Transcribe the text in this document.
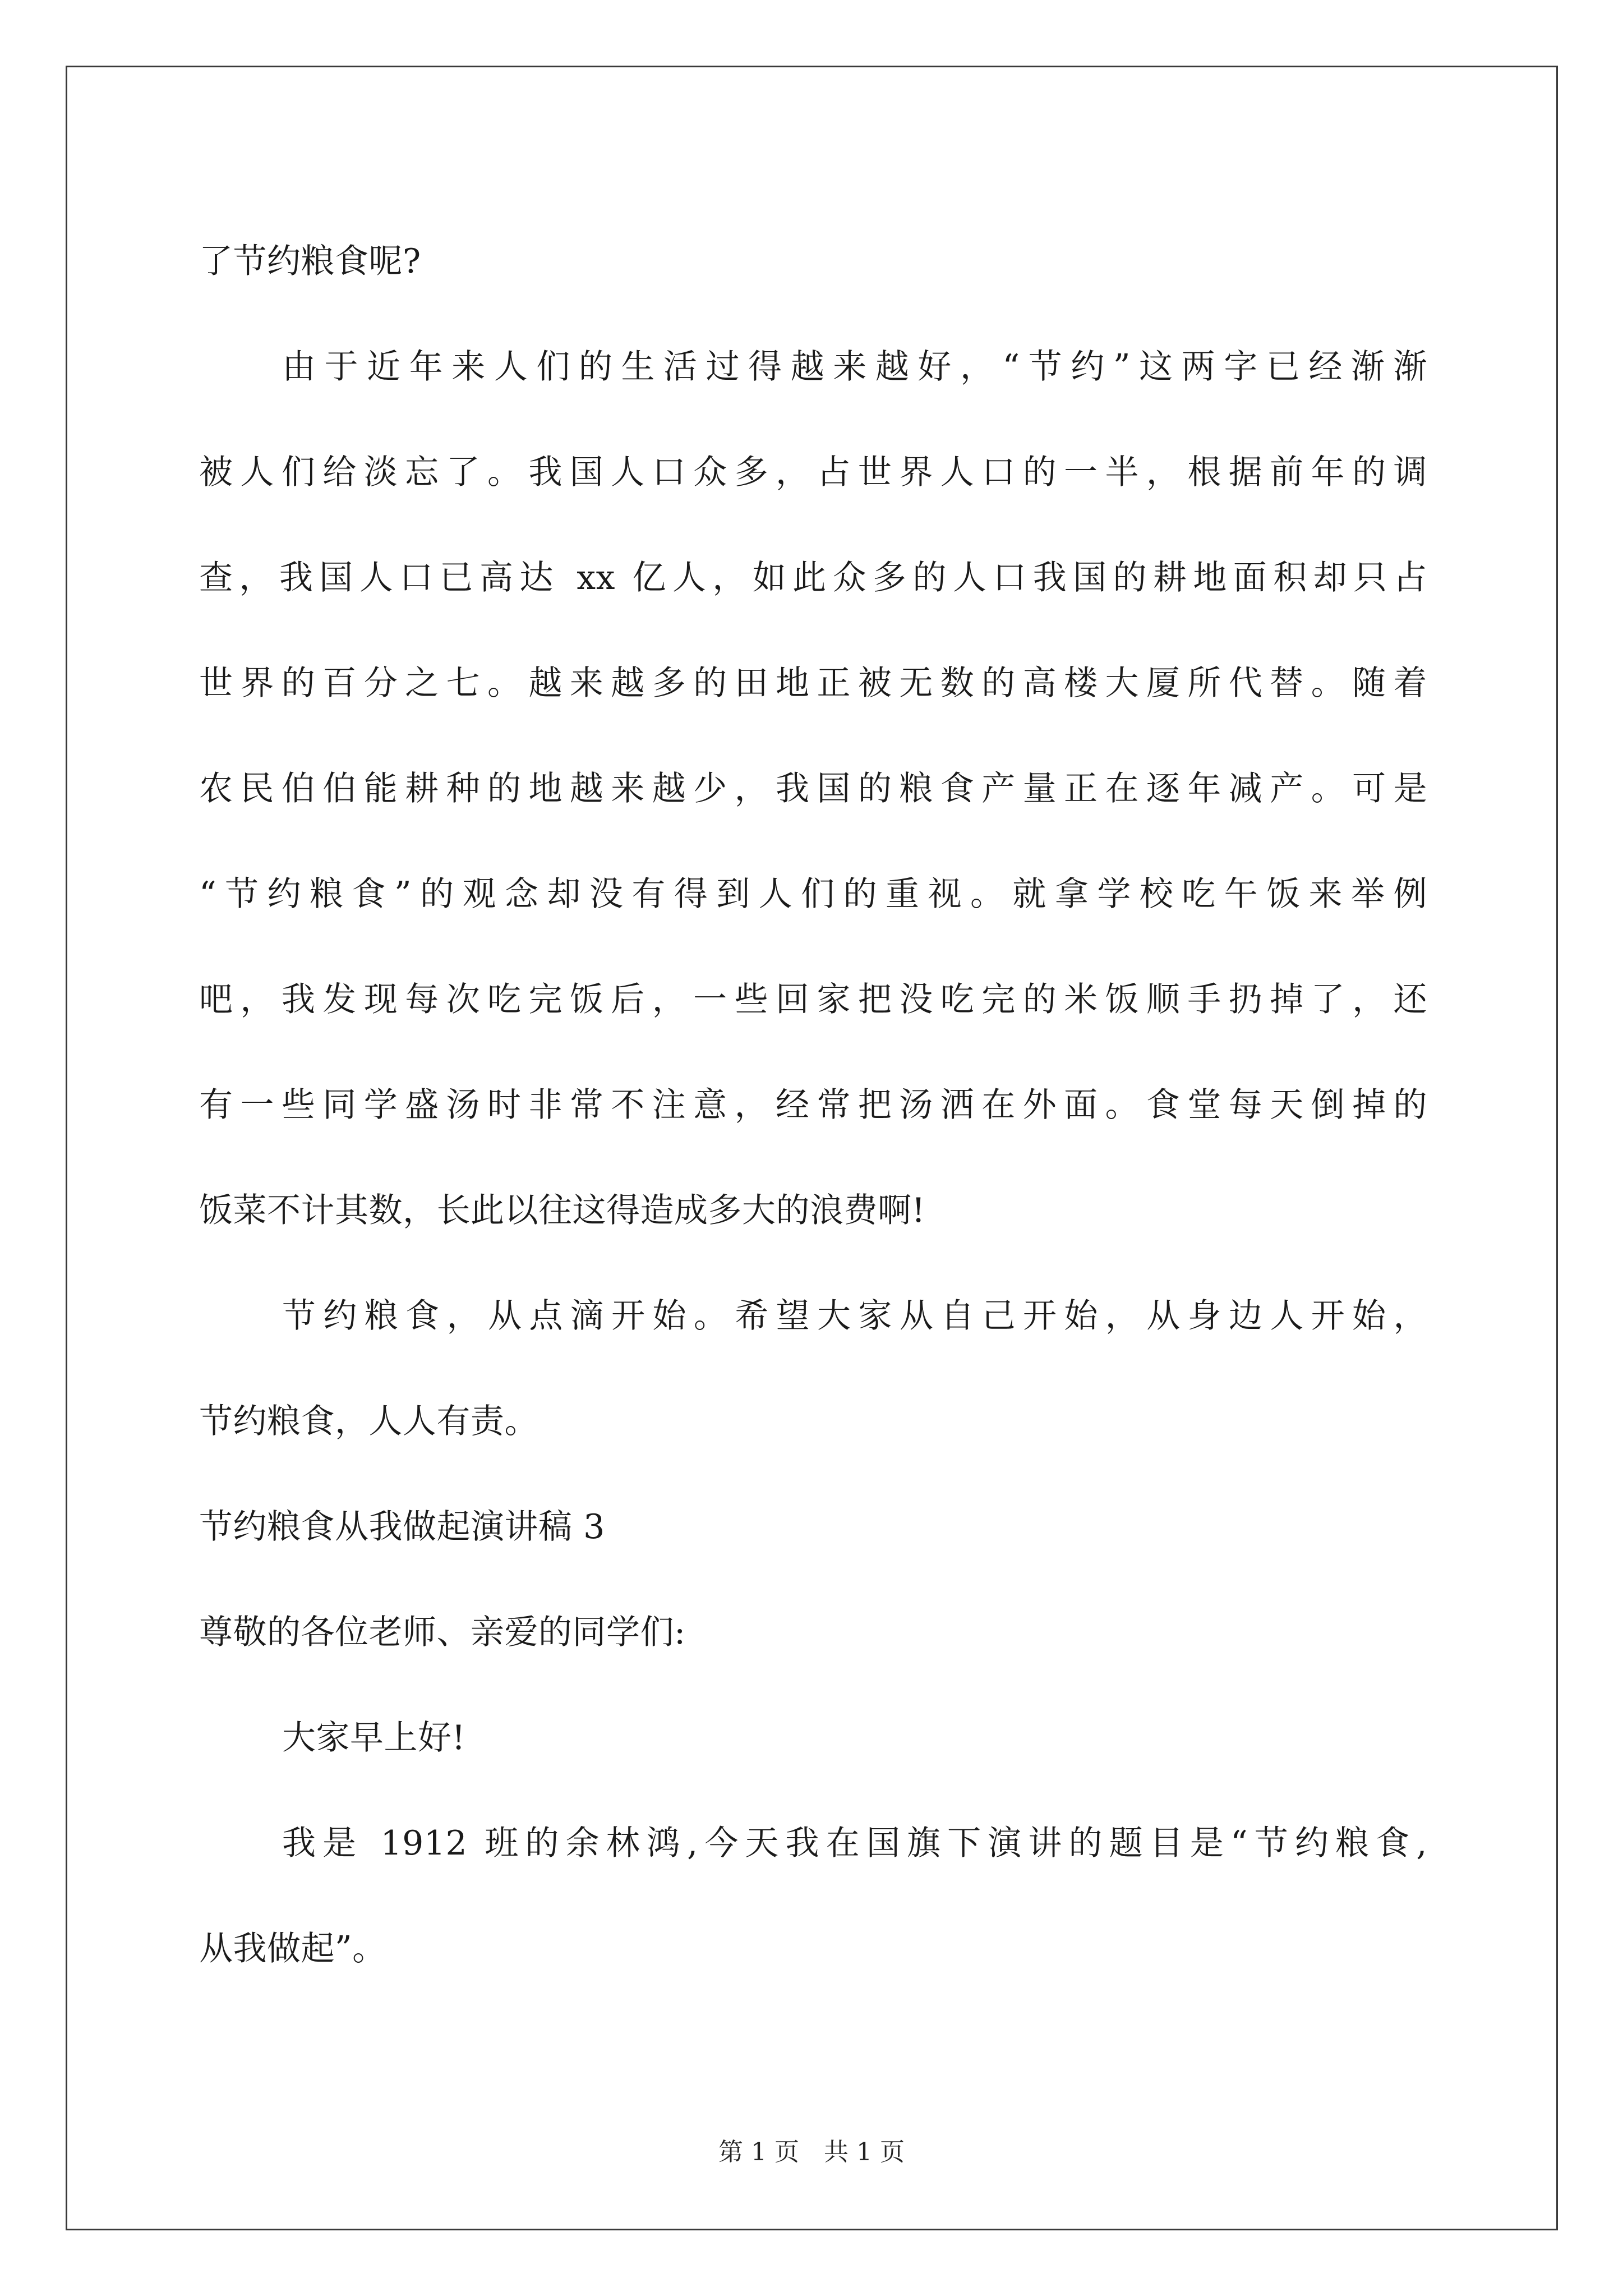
了节约粮食呢?
由于近年来人们的生活过得越来越好，“节约”这两字已经渐渐
被人们给淡忘了。我国人口众多，占世界人口的一半，根据前年的调
查，我国人口已高达 xx 亿人，如此众多的人口我国的耕地面积却只占
世界的百分之七。越来越多的田地正被无数的高楼大厦所代替。随着
农民伯伯能耕种的地越来越少，我国的粮食产量正在逐年减产。可是
“节约粮食”的观念却没有得到人们的重视。就拿学校吃午饭来举例
吧，我发现每次吃完饭后，一些回家把没吃完的米饭顺手扔掉了，还
有一些同学盛汤时非常不注意，经常把汤洒在外面。食堂每天倒掉的
饭菜不计其数，长此以往这得造成多大的浪费啊!
节约粮食，从点滴开始。希望大家从自己开始，从身边人开始，
节约粮食，人人有责。
节约粮食从我做起演讲稿 3
尊敬的各位老师、亲爱的同学们:
大家早上好!
我是 1912 班的余林鸿,今天我在国旗下演讲的题目是“节约粮食,
从我做起”。
第 1 页　共 1 页
